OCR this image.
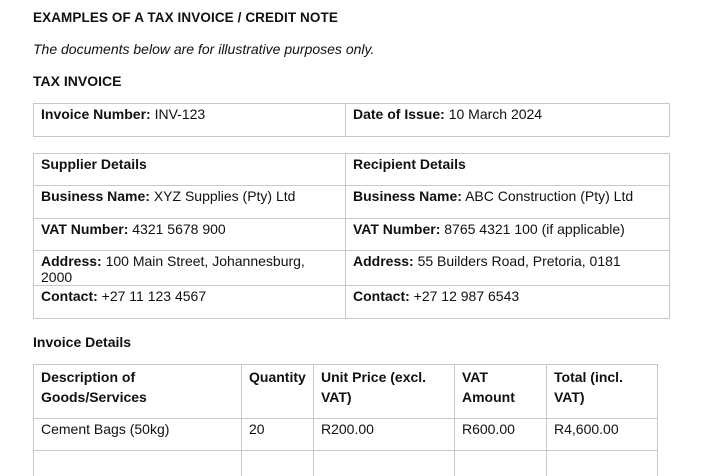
EXAMPLES OF A TAX INVOICE / CREDIT NOTE
The documents below are for illustrative purposes only.
TAX INVOICE
Invoice Number: INV-123	Date of Issue: 10 March 2024
Supplier Details	Recipient Details
Business Name: XYZ Supplies (Pty) Ltd	Business Name: ABC Construction (Pty) Ltd
VAT Number: 4321 5678 900	VAT Number: 8765 4321 100 (if applicable)
Address: 100 Main Street, Johannesburg, 2000	Address: 55 Builders Road, Pretoria, 0181
Contact: +27 11 123 4567	Contact: +27 12 987 6543
Invoice Details
Description of Goods/Services	Quantity	Unit Price (excl. VAT)	VAT Amount	Total (incl. VAT)
Cement Bags (50kg)	20	R200.00	R600.00	R4,600.00
